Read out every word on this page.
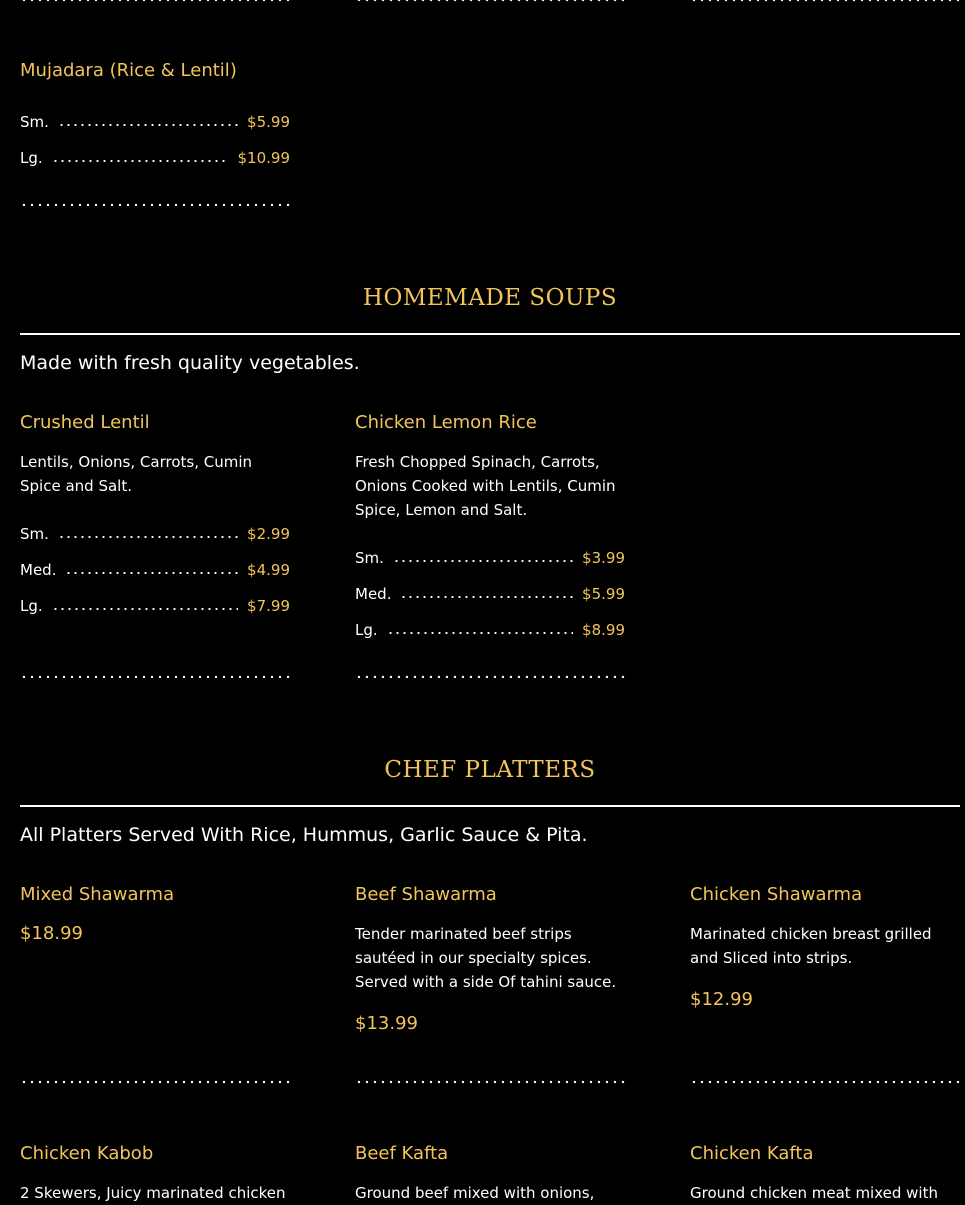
Mujadara (Rice & Lentil)
Sm.	$5.99
Lg.	$10.99
HOMEMADE SOUPS
Made with fresh quality vegetables.
Crushed Lentil
Lentils, Onions, Carrots, Cumin Spice and Salt.
Sm.	$2.99
Med.	$4.99
Lg.	$7.99
Chicken Lemon Rice
Fresh Chopped Spinach, Carrots, Onions Cooked with Lentils, Cumin Spice, Lemon and Salt.
Sm.	$3.99
Med.	$5.99
Lg.	$8.99
CHEF PLATTERS
All Platters Served With Rice, Hummus, Garlic Sauce & Pita.
Mixed Shawarma
$18.99
Beef Shawarma
Tender marinated beef strips sautéed in our specialty spices. Served with a side Of tahini sauce.
$13.99
Chicken Shawarma
Marinated chicken breast grilled and Sliced into strips.
$12.99
Chicken Kabob
2 Skewers, Juicy marinated chicken
Beef Kafta
Ground beef mixed with onions,
Chicken Kafta
Ground chicken meat mixed with
